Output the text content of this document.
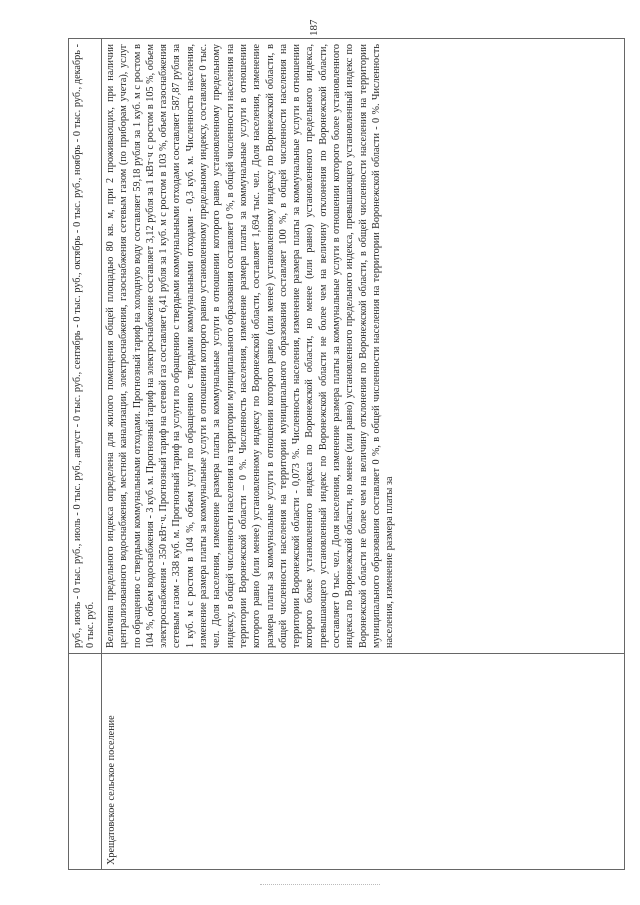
187
руб., июнь - 0 тыс. руб., июль - 0 тыс. руб., август - 0 тыс. руб., сентябрь - 0 тыс. руб., октябрь - 0 тыс. руб., ноябрь - 0 тыс. руб., декабрь - 0 тыс. руб.
Хрещатовское сельское поселение

Величина предельного индекса определена для жилого помещения общей площадью 80 кв. м, при 2 проживающих, при наличии централизованного водоснабжения, местной канализации, электроснабжения, газоснабжения сетевым газом (по приборам учета), услуг по обращению с твердыми коммунальными отходами. Прогнозный тариф на холодную воду составляет 59,18 рубля за 1 куб. м с ростом в 104 %, объем водоснабжения - 3 куб. м. Прогнозный тариф на электроснабжение составляет 3,12 рубля за 1 кВт·ч с ростом в 105 %, объем электроснабжения - 350 кВт·ч. Прогнозный тариф на сетевой газ составляет 6,41 рубля за 1 куб. м с ростом в 103 %, объем газоснабжения сетевым газом - 338 куб. м. Прогнозный тариф на услуги по обращению с твердыми коммунальными отходами составляет 587,87 рубля за 1 куб. м с ростом в 104 %, объем услуг по обращению с твердыми коммунальными отходами - 0,3 куб. м. Численность населения, изменение размера платы за коммунальные услуги в отношении которого равно установленному предельному индексу, составляет 0 тыс. чел. Доля населения, изменение размера платы за коммунальные услуги в отношении которого равно установленному предельному индексу, в общей численности населения на территории муниципального образования составляет 0 %, в общей численности населения на территории Воронежской области – 0 %. Численность населения, изменение размера платы за коммунальные услуги в отношении которого равно (или менее) установленному индексу по Воронежской области, составляет 1,694 тыс. чел. Доля населения, изменение размера платы за коммунальные услуги в отношении которого равно (или менее) установленному индексу по Воронежской области, в общей численности населения на территории муниципального образования составляет 100 %, в общей численности населения на территории Воронежской области - 0,073 %. Численность населения, изменение размера платы за коммунальные услуги в отношении которого более установленного индекса по Воронежской области, но менее (или равно) установленного предельного индекса, превышающего установленный индекс по Воронежской области не более чем на величину отклонения по Воронежской области, составляет 0 тыс. чел. Доля населения, изменение размера платы за коммунальные услуги в отношении которого более установленного индекса по Воронежской области, но менее (или равно) установленного предельного индекса, превышающего установленный индекс по Воронежской области не более чем на величину отклонения по Воронежской области, в общей численности населения на территории муниципального образования составляет 0 %, в общей численности населения на территории Воронежской области - 0 %. Численность населения, изменение размера платы за
